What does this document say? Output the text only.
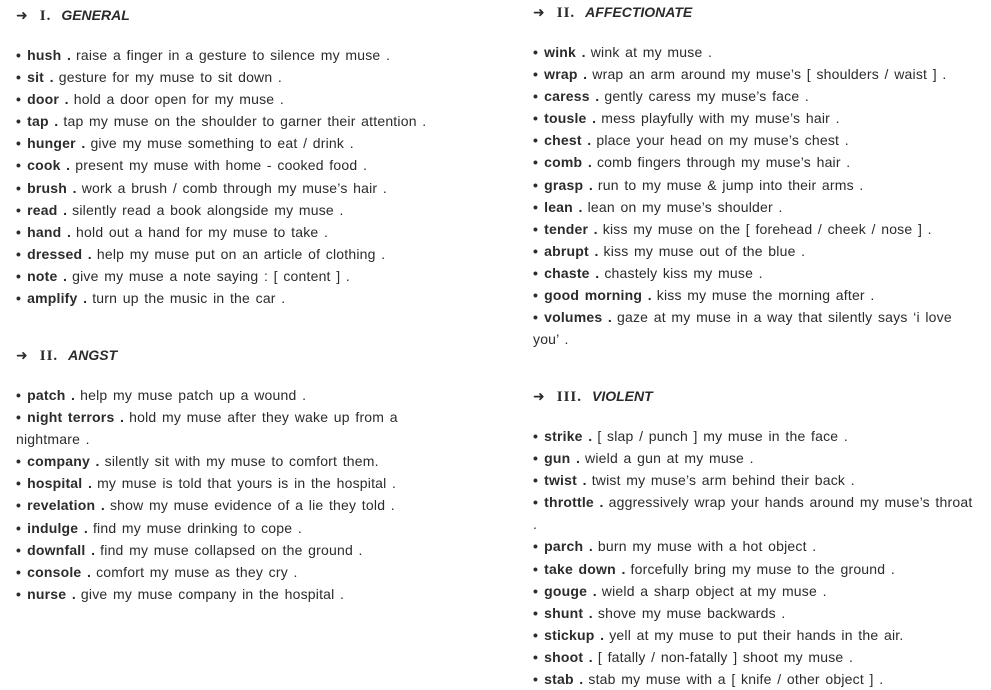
➜ I. GENERAL
• hush . raise a finger in a gesture to silence my muse .
• sit . gesture for my muse to sit down .
• door . hold a door open for my muse .
• tap . tap my muse on the shoulder to garner their attention .
• hunger . give my muse something to eat / drink .
• cook . present my muse with home - cooked food .
• brush . work a brush / comb through my muse’s hair .
• read . silently read a book alongside my muse .
• hand . hold out a hand for my muse to take .
• dressed . help my muse put on an article of clothing .
• note . give my muse a note saying : [ content ] .
• amplify . turn up the music in the car .
➜ II. ANGST
• patch . help my muse patch up a wound .
• night terrors . hold my muse after they wake up from a nightmare .
• company . silently sit with my muse to comfort them.
• hospital . my muse is told that yours is in the hospital .
• revelation . show my muse evidence of a lie they told .
• indulge . find my muse drinking to cope .
• downfall . find my muse collapsed on the ground .
• console . comfort my muse as they cry .
• nurse . give my muse company in the hospital .
➜ II. AFFECTIONATE
• wink . wink at my muse .
• wrap . wrap an arm around my muse’s [ shoulders / waist ] .
• caress . gently caress my muse’s face .
• tousle . mess playfully with my muse’s hair .
• chest . place your head on my muse’s chest .
• comb . comb fingers through my muse’s hair .
• grasp . run to my muse & jump into their arms .
• lean . lean on my muse’s shoulder .
• tender . kiss my muse on the [ forehead / cheek / nose ] .
• abrupt . kiss my muse out of the blue .
• chaste . chastely kiss my muse .
• good morning . kiss my muse the morning after .
• volumes . gaze at my muse in a way that silently says ‘i love you’ .
➜ III. VIOLENT
• strike . [ slap / punch ] my muse in the face .
• gun . wield a gun at my muse .
• twist . twist my muse’s arm behind their back .
• throttle . aggressively wrap your hands around my muse’s throat .
• parch . burn my muse with a hot object .
• take down . forcefully bring my muse to the ground .
• gouge . wield a sharp object at my muse .
• shunt . shove my muse backwards .
• stickup . yell at my muse to put their hands in the air.
• shoot . [ fatally / non-fatally ] shoot my muse .
• stab . stab my muse with a [ knife / other object ] .
